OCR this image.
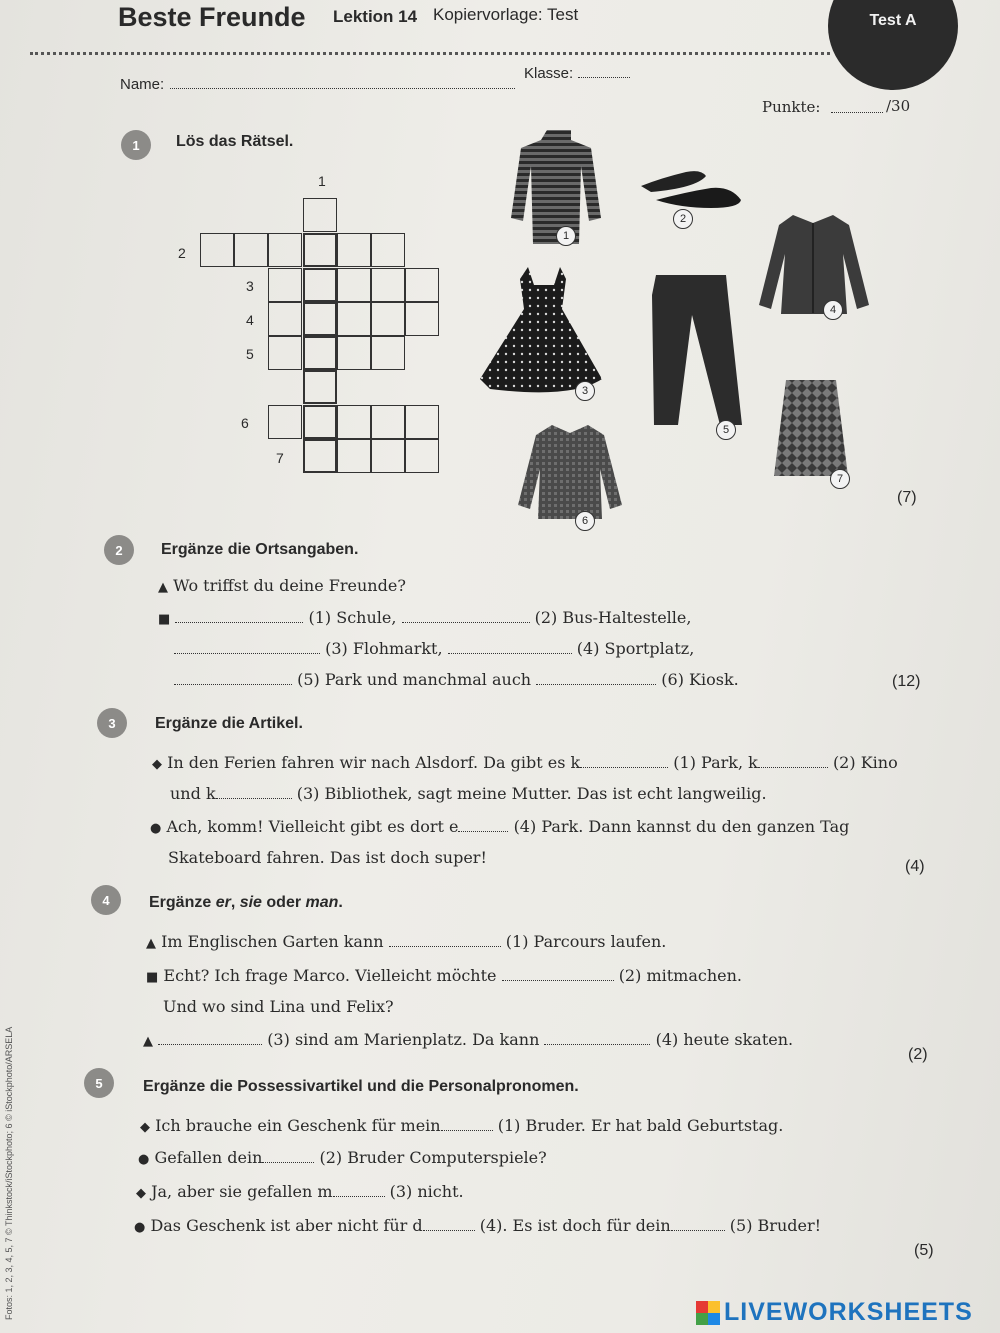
Beste Freunde Lektion 14 Kopiervorlage: Test	Test A
Name:
Klasse:
Punkte:	/30
1 Lös das Rätsel.
1
2
3
4
5
6
7
1
2
3
4
5
6
7
(7)
2 Ergänze die Ortsangaben.
▲ Wo triffst du deine Freunde?
■	(1) Schule,	(2) Bus-Haltestelle,
(3) Flohmarkt,	(4) Sportplatz,
(5) Park und manchmal auch	(6) Kiosk.	(12)
3 Ergänze die Artikel.
◆ In den Ferien fahren wir nach Alsdorf. Da gibt es k	(1) Park, k	(2) Kino
und k	(3) Bibliothek, sagt meine Mutter. Das ist echt langweilig.
● Ach, komm! Vielleicht gibt es dort e	(4) Park. Dann kannst du den ganzen Tag
Skateboard fahren. Das ist doch super!	(4)
4 Ergänze er, sie oder man.
▲ Im Englischen Garten kann	(1) Parcours laufen.
■ Echt? Ich frage Marco. Vielleicht möchte	(2) mitmachen.
Und wo sind Lina und Felix?
▲	(3) sind am Marienplatz. Da kann	(4) heute skaten.
(2)
5	Ergänze die Possessivartikel und die Personalpronomen.
◆ Ich brauche ein Geschenk für mein	(1) Bruder. Er hat bald Geburtstag.
● Gefallen dein	(2) Bruder Computerspiele?
◆ Ja, aber sie gefallen m	(3) nicht.
● Das Geschenk ist aber nicht für d	(4). Es ist doch für dein	(5) Bruder!
(5)
Fotos: 1, 2, 3, 4, 5, 7 © Thinkstock/iStockphoto; 6 © iStockphoto/ARSELA	LIVEWORKSHEETS
